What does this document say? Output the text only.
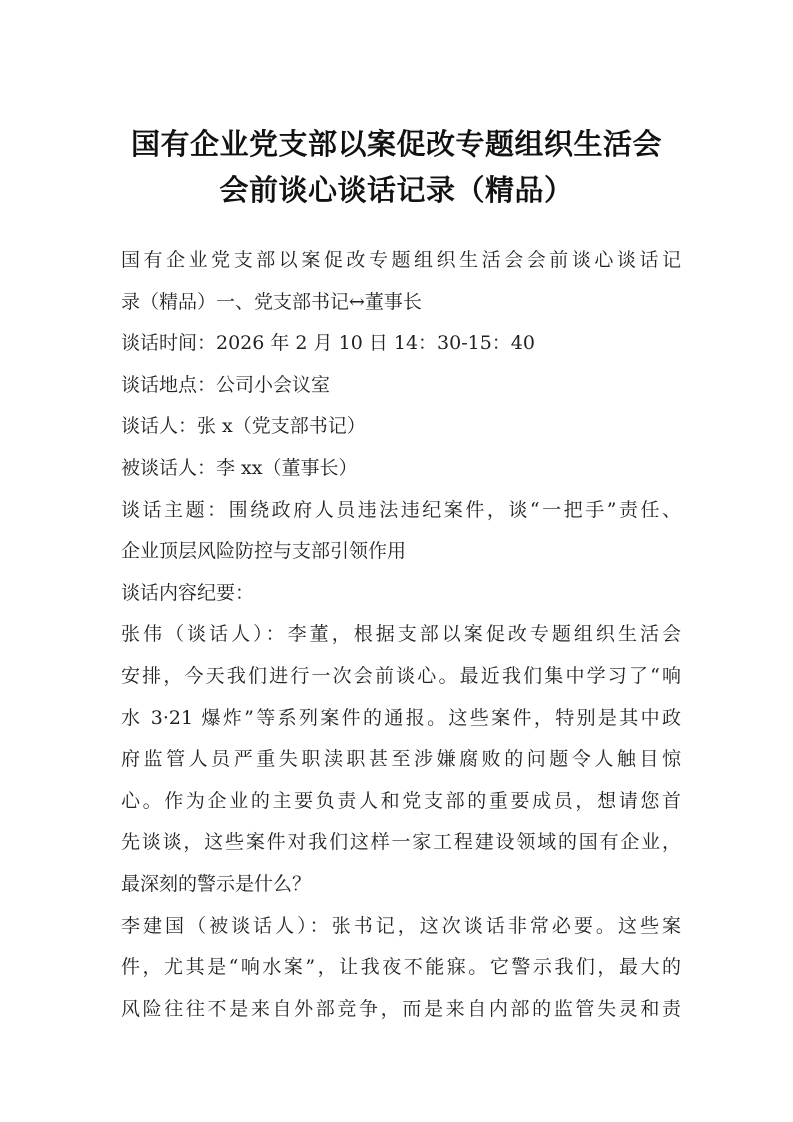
国有企业党支部以案促改专题组织生活会
会前谈心谈话记录（精品）
国有企业党支部以案促改专题组织生活会会前谈心谈话记
录（精品）一、党支部书记↔董事长
谈话时间：2026 年 2 月 10 日 14：30-15：40
谈话地点：公司小会议室
谈话人：张 x（党支部书记）
被谈话人：李 xx（董事长）
谈话主题：围绕政府人员违法违纪案件，谈“一把手”责任、
企业顶层风险防控与支部引领作用
谈话内容纪要：
张伟（谈话人）：李董，根据支部以案促改专题组织生活会
安排，今天我们进行一次会前谈心。最近我们集中学习了“响
水 3·21 爆炸”等系列案件的通报。这些案件，特别是其中政
府监管人员严重失职渎职甚至涉嫌腐败的问题令人触目惊
心。作为企业的主要负责人和党支部的重要成员，想请您首
先谈谈，这些案件对我们这样一家工程建设领域的国有企业，
最深刻的警示是什么？
李建国（被谈话人）：张书记，这次谈话非常必要。这些案
件，尤其是“响水案”，让我夜不能寐。它警示我们，最大的
风险往往不是来自外部竞争，而是来自内部的监管失灵和责
